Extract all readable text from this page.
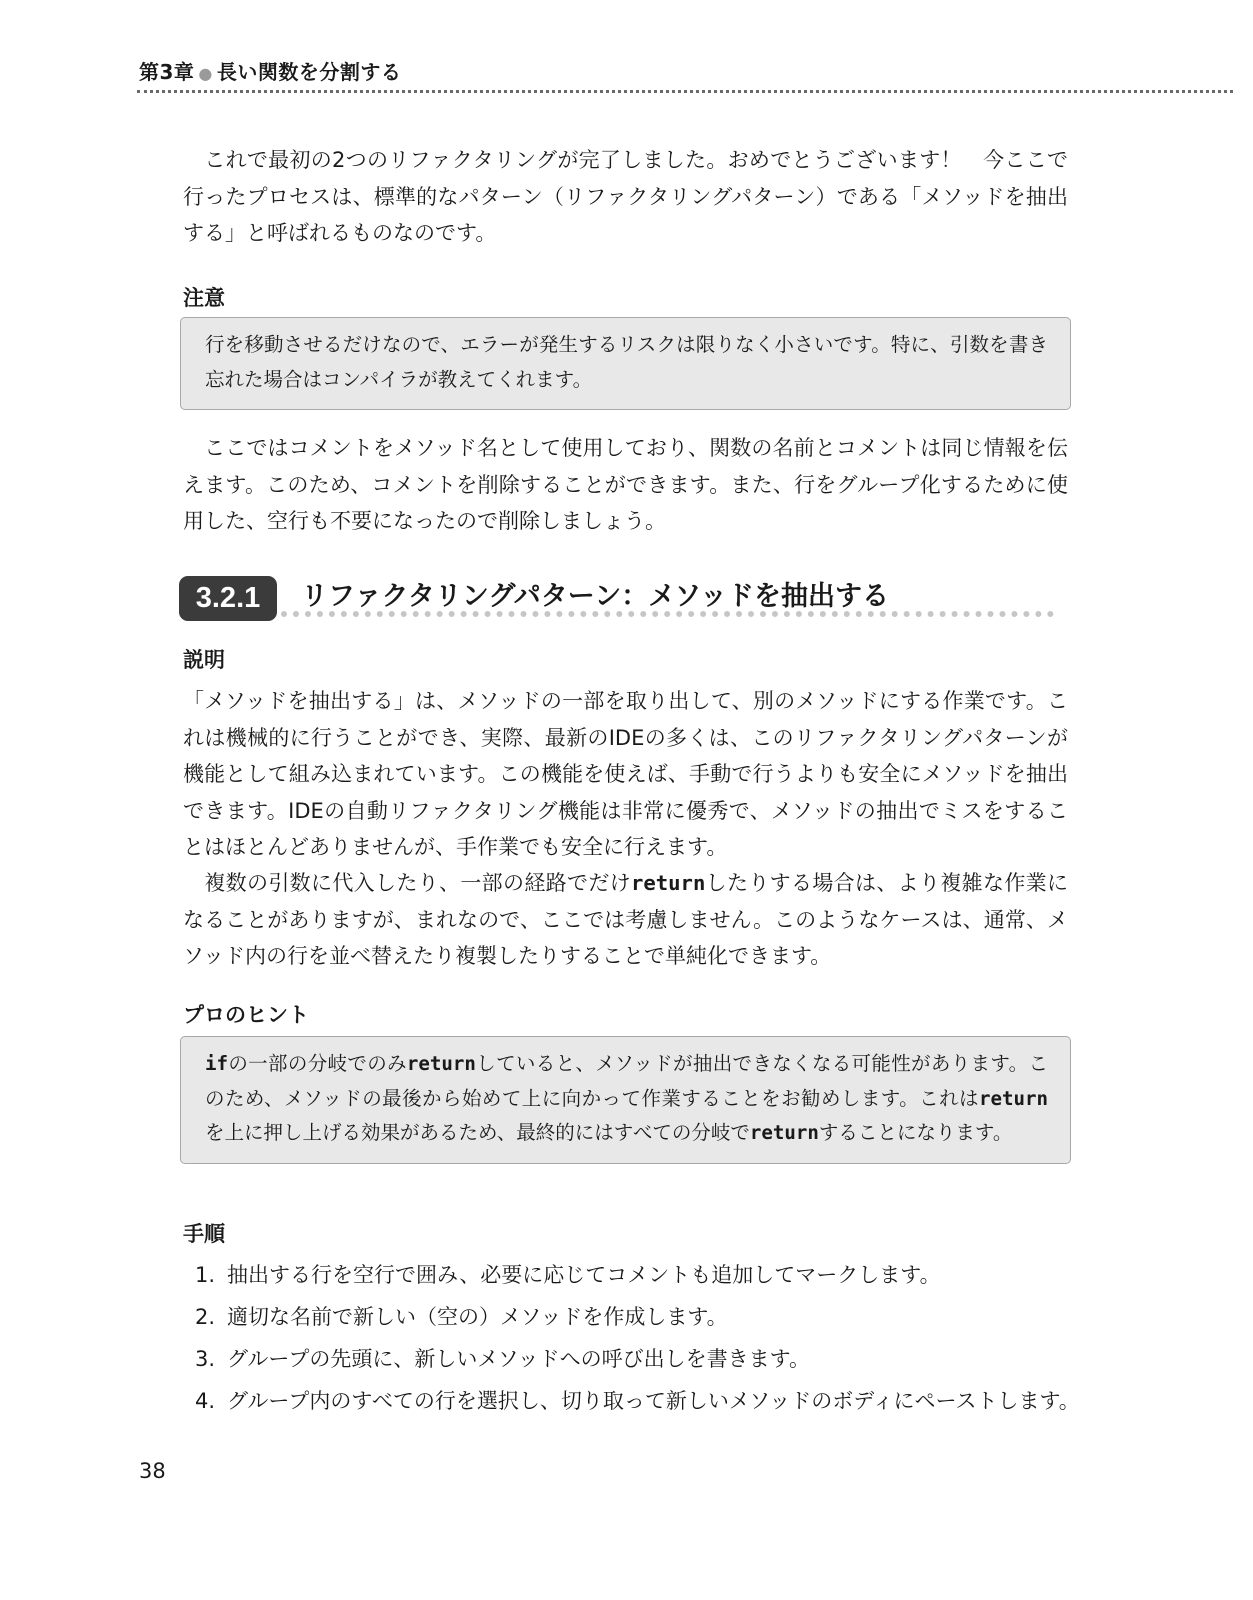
第3章 ● 長い関数を分割する

これで最初の2つのリファクタリングが完了しました。おめでとうございます！　今ここで行ったプロセスは、標準的なパターン（リファクタリングパターン）である「メソッドを抽出する」と呼ばれるものなのです。

注意

行を移動させるだけなので、エラーが発生するリスクは限りなく小さいです。特に、引数を書き忘れた場合はコンパイラが教えてくれます。

ここではコメントをメソッド名として使用しており、関数の名前とコメントは同じ情報を伝えます。このため、コメントを削除することができます。また、行をグループ化するために使用した、空行も不要になったので削除しましょう。

3.2.1	リファクタリングパターン：メソッドを抽出する

説明

「メソッドを抽出する」は、メソッドの一部を取り出して、別のメソッドにする作業です。これは機械的に行うことができ、実際、最新のIDEの多くは、このリファクタリングパターンが機能として組み込まれています。この機能を使えば、手動で行うよりも安全にメソッドを抽出できます。IDEの自動リファクタリング機能は非常に優秀で、メソッドの抽出でミスをすることはほとんどありませんが、手作業でも安全に行えます。

複数の引数に代入したり、一部の経路でだけreturnしたりする場合は、より複雑な作業になることがありますが、まれなので、ここでは考慮しません。このようなケースは、通常、メソッド内の行を並べ替えたり複製したりすることで単純化できます。

プロのヒント

ifの一部の分岐でのみreturnしていると、メソッドが抽出できなくなる可能性があります。このため、メソッドの最後から始めて上に向かって作業することをお勧めします。これはreturnを上に押し上げる効果があるため、最終的にはすべての分岐でreturnすることになります。

手順

1. 抽出する行を空行で囲み、必要に応じてコメントも追加してマークします。
2. 適切な名前で新しい（空の）メソッドを作成します。
3. グループの先頭に、新しいメソッドへの呼び出しを書きます。
4. グループ内のすべての行を選択し、切り取って新しいメソッドのボディにペーストします。
38
